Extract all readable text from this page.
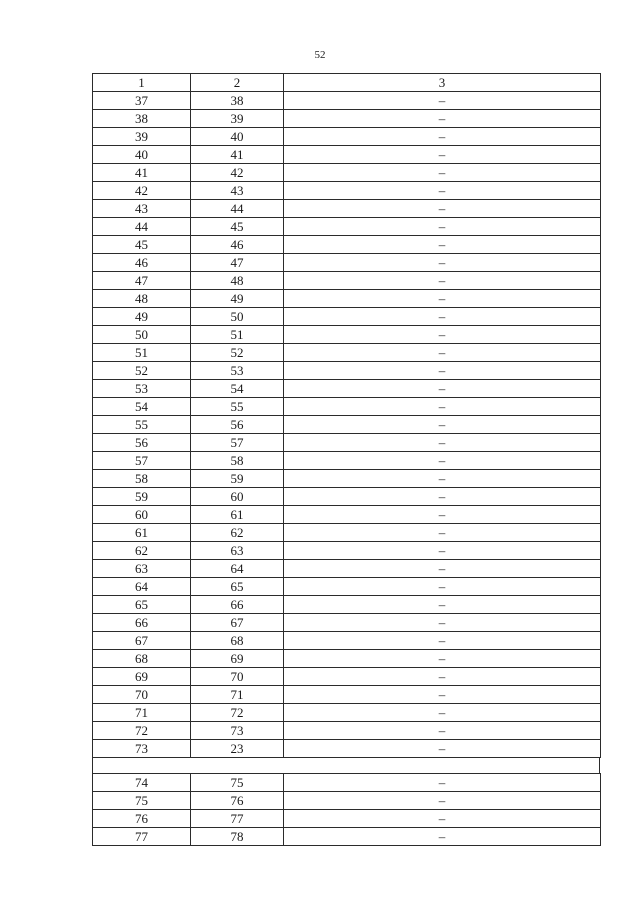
52
1	2	3
37	38	–
38	39	–
39	40	–
40	41	–
41	42	–
42	43	–
43	44	–
44	45	–
45	46	–
46	47	–
47	48	–
48	49	–
49	50	–
50	51	–
51	52	–
52	53	–
53	54	–
54	55	–
55	56	–
56	57	–
57	58	–
58	59	–
59	60	–
60	61	–
61	62	–
62	63	–
63	64	–
64	65	–
65	66	–
66	67	–
67	68	–
68	69	–
69	70	–
70	71	–
71	72	–
72	73	–
73	23	–
74	75	–
75	76	–
76	77	–
77	78	–
